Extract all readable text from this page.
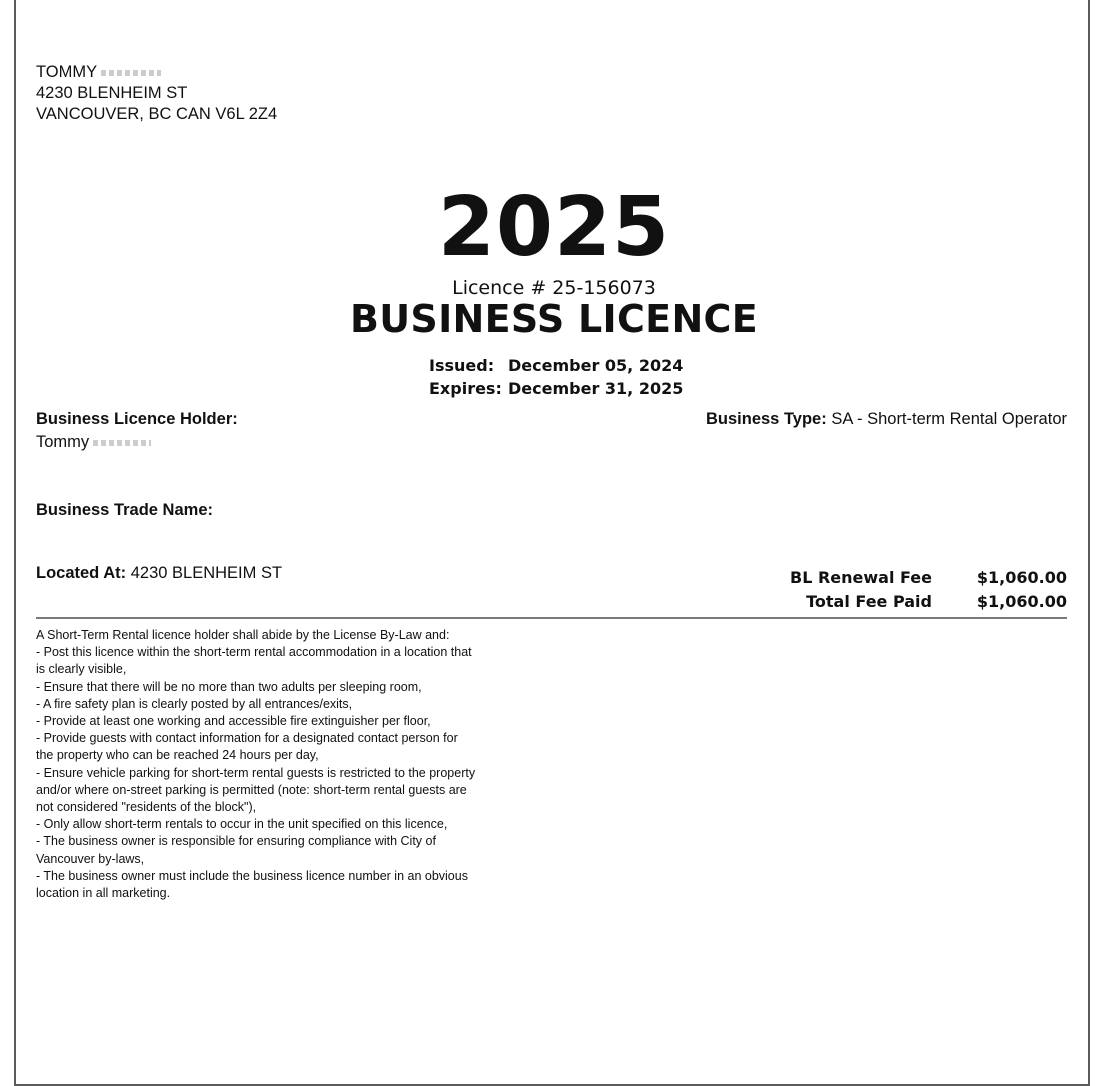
TOMMY
4230 BLENHEIM ST
VANCOUVER, BC CAN V6L 2Z4
2025
Licence # 25-156073
BUSINESS LICENCE
Issued: December 05, 2024
Expires: December 31, 2025
Business Licence Holder:
Tommy
Business Type: SA - Short-term Rental Operator
Business Trade Name:
Located At: 4230 BLENHEIM ST	BL Renewal Fee	$1,060.00
Total Fee Paid	$1,060.00
A Short-Term Rental licence holder shall abide by the License By-Law and:
- Post this licence within the short-term rental accommodation in a location that
is clearly visible,
- Ensure that there will be no more than two adults per sleeping room,
- A fire safety plan is clearly posted by all entrances/exits,
- Provide at least one working and accessible fire extinguisher per floor,
- Provide guests with contact information for a designated contact person for
the property who can be reached 24 hours per day,
- Ensure vehicle parking for short-term rental guests is restricted to the property
and/or where on-street parking is permitted (note: short-term rental guests are
not considered "residents of the block"),
- Only allow short-term rentals to occur in the unit specified on this licence,
- The business owner is responsible for ensuring compliance with City of
Vancouver by-laws,
- The business owner must include the business licence number in an obvious
location in all marketing.
